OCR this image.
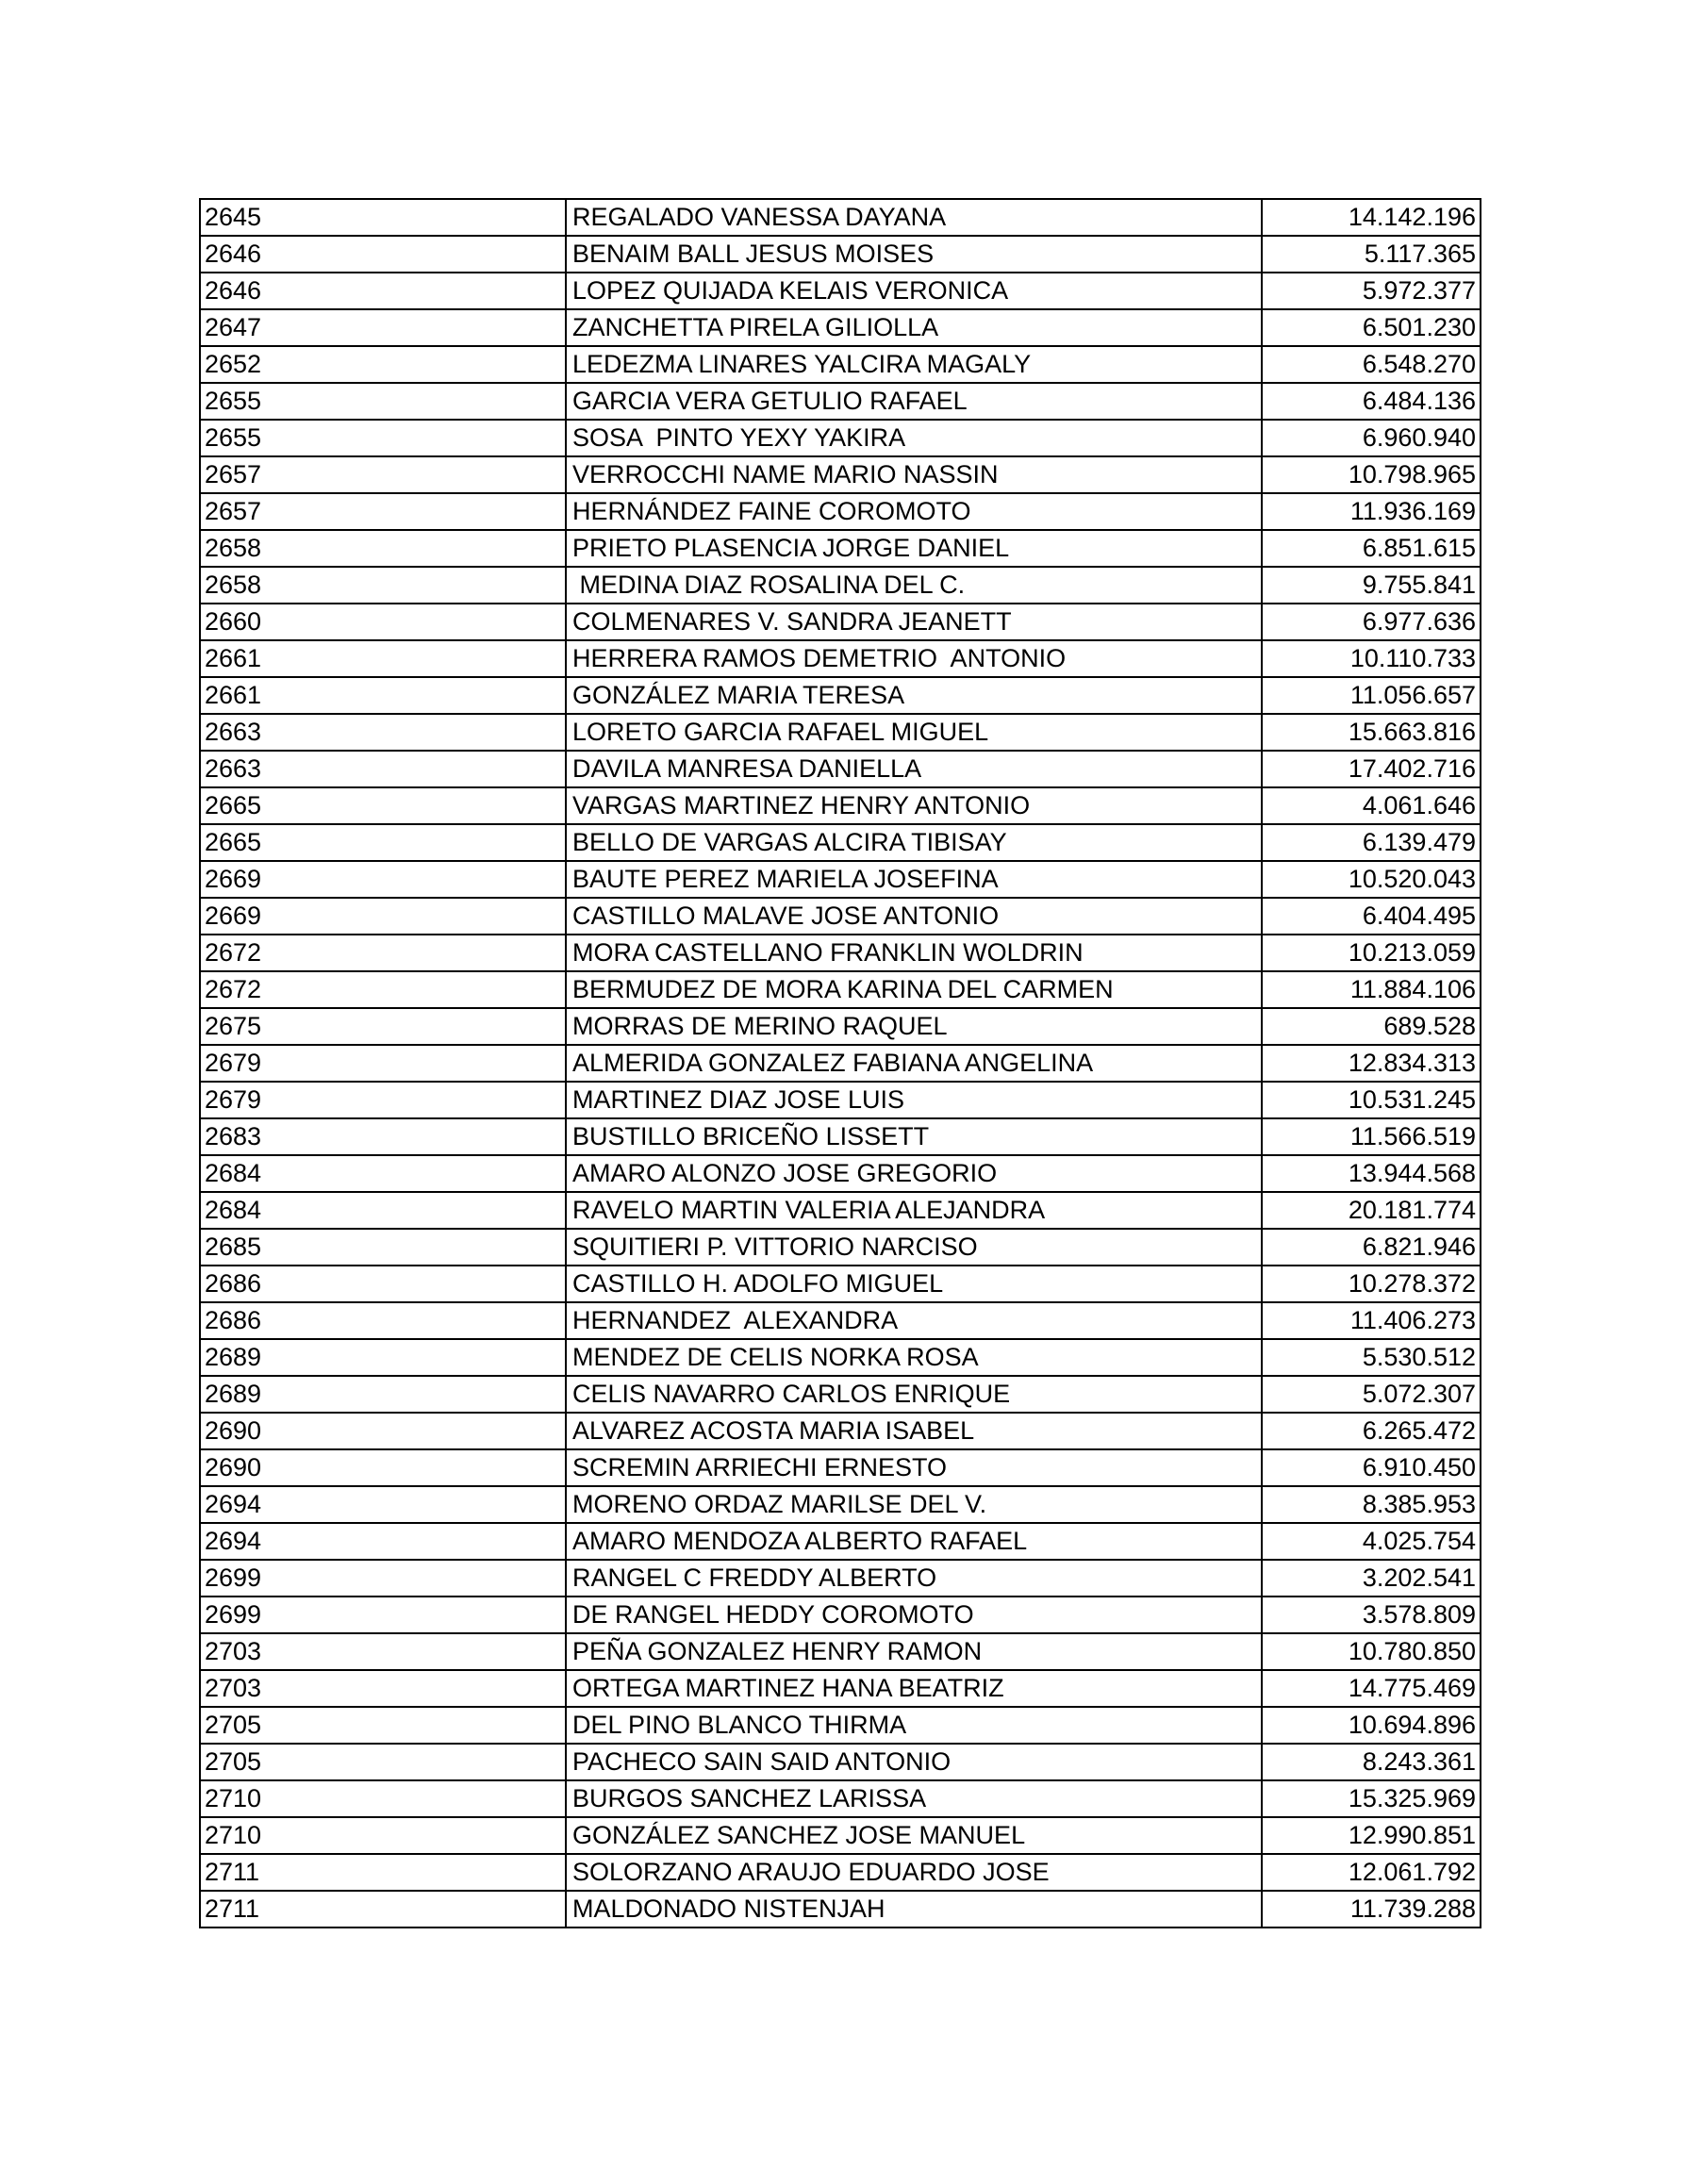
2645	REGALADO VANESSA DAYANA	14.142.196
2646	BENAIM BALL JESUS MOISES	5.117.365
2646	LOPEZ QUIJADA KELAIS VERONICA	5.972.377
2647	ZANCHETTA PIRELA GILIOLLA	6.501.230
2652	LEDEZMA LINARES YALCIRA MAGALY	6.548.270
2655	GARCIA VERA GETULIO RAFAEL	6.484.136
2655	SOSA  PINTO YEXY YAKIRA	6.960.940
2657	VERROCCHI NAME MARIO NASSIN	10.798.965
2657	HERNÁNDEZ FAINE COROMOTO	11.936.169
2658	PRIETO PLASENCIA JORGE DANIEL	6.851.615
2658	MEDINA DIAZ ROSALINA DEL C.	9.755.841
2660	COLMENARES V. SANDRA JEANETT	6.977.636
2661	HERRERA RAMOS DEMETRIO  ANTONIO	10.110.733
2661	GONZÁLEZ MARIA TERESA	11.056.657
2663	LORETO GARCIA RAFAEL MIGUEL	15.663.816
2663	DAVILA MANRESA DANIELLA	17.402.716
2665	VARGAS MARTINEZ HENRY ANTONIO	4.061.646
2665	BELLO DE VARGAS ALCIRA TIBISAY	6.139.479
2669	BAUTE PEREZ MARIELA JOSEFINA	10.520.043
2669	CASTILLO MALAVE JOSE ANTONIO	6.404.495
2672	MORA CASTELLANO FRANKLIN WOLDRIN	10.213.059
2672	BERMUDEZ DE MORA KARINA DEL CARMEN	11.884.106
2675	MORRAS DE MERINO RAQUEL	689.528
2679	ALMERIDA GONZALEZ FABIANA ANGELINA	12.834.313
2679	MARTINEZ DIAZ JOSE LUIS	10.531.245
2683	BUSTILLO BRICEÑO LISSETT	11.566.519
2684	AMARO ALONZO JOSE GREGORIO	13.944.568
2684	RAVELO MARTIN VALERIA ALEJANDRA	20.181.774
2685	SQUITIERI P. VITTORIO NARCISO	6.821.946
2686	CASTILLO H. ADOLFO MIGUEL	10.278.372
2686	HERNANDEZ  ALEXANDRA	11.406.273
2689	MENDEZ DE CELIS NORKA ROSA	5.530.512
2689	CELIS NAVARRO CARLOS ENRIQUE	5.072.307
2690	ALVAREZ ACOSTA MARIA ISABEL	6.265.472
2690	SCREMIN ARRIECHI ERNESTO	6.910.450
2694	MORENO ORDAZ MARILSE DEL V.	8.385.953
2694	AMARO MENDOZA ALBERTO RAFAEL	4.025.754
2699	RANGEL C FREDDY ALBERTO	3.202.541
2699	DE RANGEL HEDDY COROMOTO	3.578.809
2703	PEÑA GONZALEZ HENRY RAMON	10.780.850
2703	ORTEGA MARTINEZ HANA BEATRIZ	14.775.469
2705	DEL PINO BLANCO THIRMA	10.694.896
2705	PACHECO SAIN SAID ANTONIO	8.243.361
2710	BURGOS SANCHEZ LARISSA	15.325.969
2710	GONZÁLEZ SANCHEZ JOSE MANUEL	12.990.851
2711	SOLORZANO ARAUJO EDUARDO JOSE	12.061.792
2711	MALDONADO NISTENJAH	11.739.288
